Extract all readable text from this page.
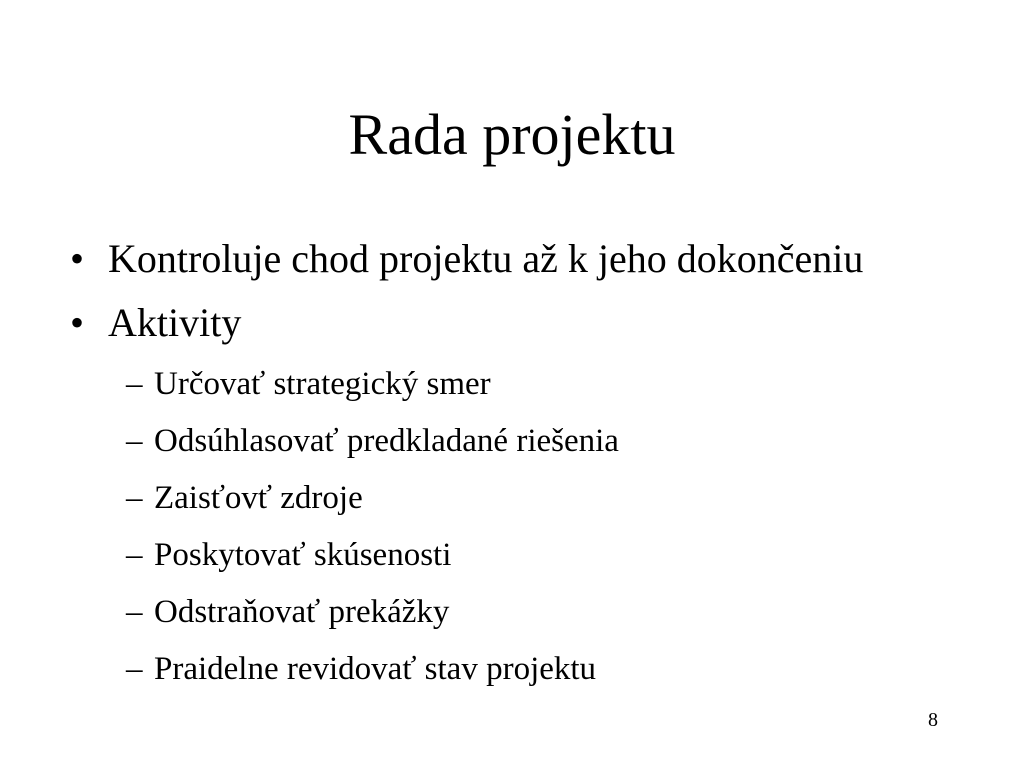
Rada projektu
• Kontroluje chod projektu až k jeho dokončeniu
• Aktivity
– Určovať strategický smer
– Odsúhlasovať predkladané riešenia
– Zaisťovť zdroje
– Poskytovať skúsenosti
– Odstraňovať prekážky
– Praidelne revidovať stav projektu
8
